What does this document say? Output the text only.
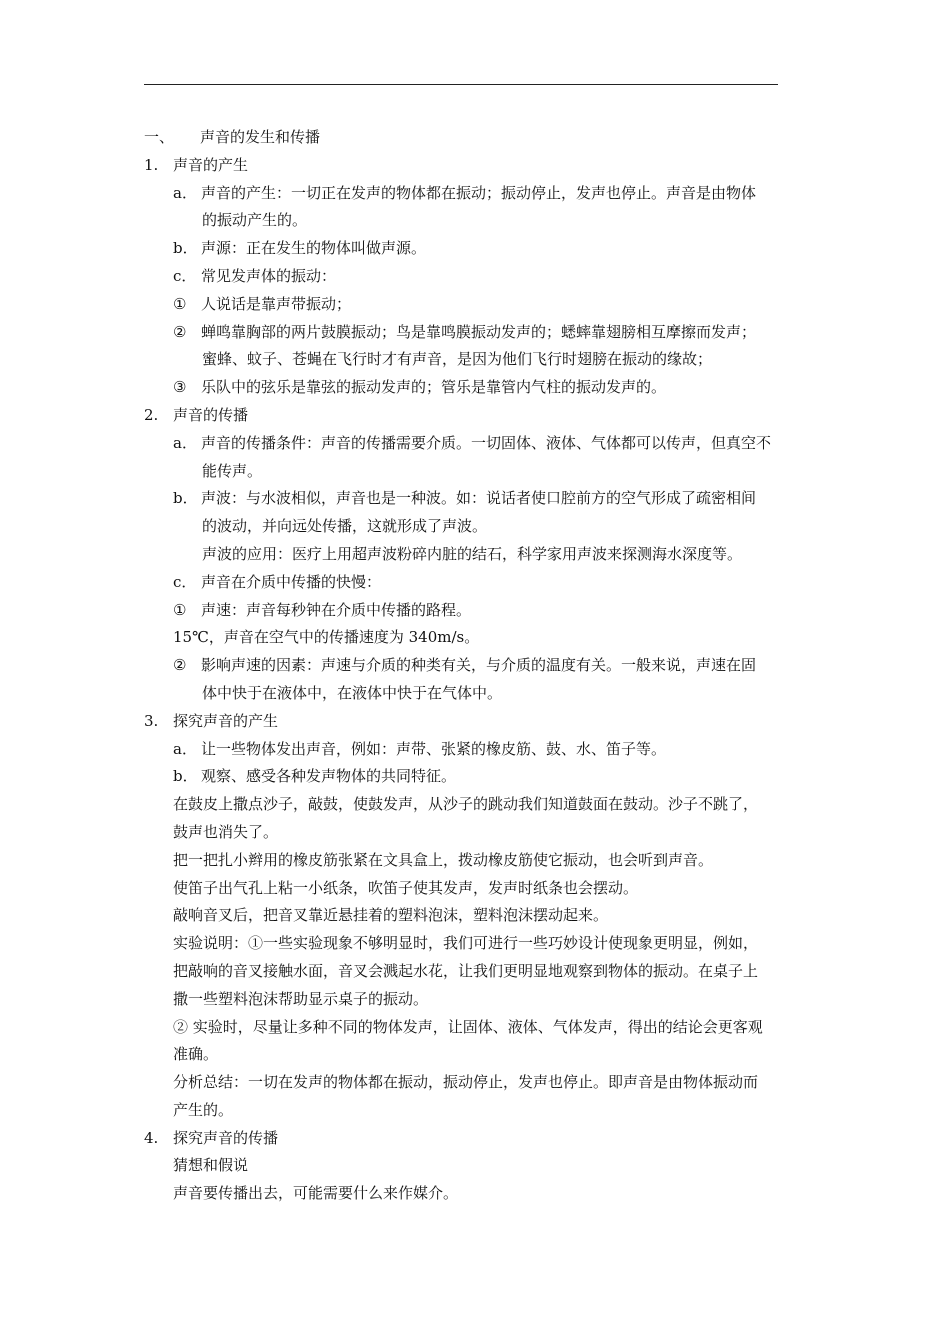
一、 声音的发生和传播
1. 声音的产生
a． 声音的产生：一切正在发声的物体都在振动；振动停止，发声也停止。声音是由物体
的振动产生的。
b． 声源：正在发生的物体叫做声源。
c． 常见发声体的振动：
① 人说话是靠声带振动；
② 蝉鸣靠胸部的两片鼓膜振动；鸟是靠鸣膜振动发声的；蟋蟀靠翅膀相互摩擦而发声；
蜜蜂、蚊子、苍蝇在飞行时才有声音，是因为他们飞行时翅膀在振动的缘故；
③ 乐队中的弦乐是靠弦的振动发声的；管乐是靠管内气柱的振动发声的。
2. 声音的传播
a． 声音的传播条件：声音的传播需要介质。一切固体、液体、气体都可以传声，但真空不
能传声。
b． 声波：与水波相似，声音也是一种波。如：说话者使口腔前方的空气形成了疏密相间
的波动，并向远处传播，这就形成了声波。
声波的应用：医疗上用超声波粉碎内脏的结石，科学家用声波来探测海水深度等。
c． 声音在介质中传播的快慢：
① 声速：声音每秒钟在介质中传播的路程。
15℃，声音在空气中的传播速度为 340m/s。
② 影响声速的因素：声速与介质的种类有关，与介质的温度有关。一般来说，声速在固
体中快于在液体中，在液体中快于在气体中。
3. 探究声音的产生
a． 让一些物体发出声音，例如：声带、张紧的橡皮筋、鼓、水、笛子等。
b． 观察、感受各种发声物体的共同特征。
在鼓皮上撒点沙子，敲鼓，使鼓发声，从沙子的跳动我们知道鼓面在鼓动。沙子不跳了，
鼓声也消失了。
把一把扎小辫用的橡皮筋张紧在文具盒上，拨动橡皮筋使它振动，也会听到声音。
使笛子出气孔上粘一小纸条，吹笛子使其发声，发声时纸条也会摆动。
敲响音叉后，把音叉靠近悬挂着的塑料泡沫，塑料泡沫摆动起来。
实验说明：①一些实验现象不够明显时，我们可进行一些巧妙设计使现象更明显，例如，
把敲响的音叉接触水面，音叉会溅起水花，让我们更明显地观察到物体的振动。在桌子上
撒一些塑料泡沫帮助显示桌子的振动。
② 实验时，尽量让多种不同的物体发声，让固体、液体、气体发声，得出的结论会更客观
准确。
分析总结：一切在发声的物体都在振动，振动停止，发声也停止。即声音是由物体振动而
产生的。
4. 探究声音的传播
猜想和假说
声音要传播出去，可能需要什么来作媒介。
